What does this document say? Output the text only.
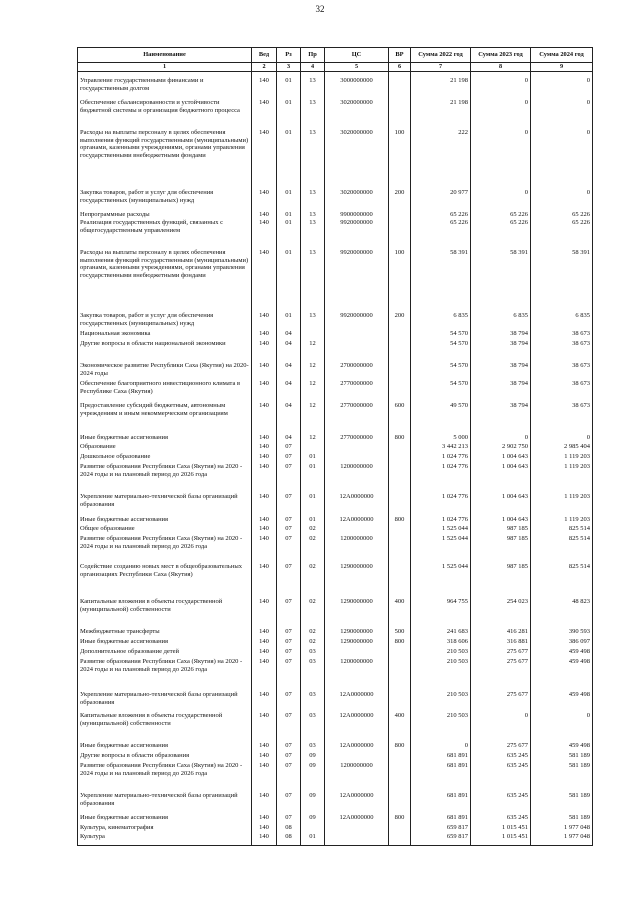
32
Наименование	Вед	Рз	Пр	ЦС	ВР	Сумма 2022 год	Сумма 2023 год	Сумма 2024 год
1	2	3	4	5	6	7	8	9
Управление государственными финансами и государственным долгом	140	01	13	3000000000		21 198	0	0
Обеспечение сбалансированности и устойчивости бюджетной системы и организация бюджетного процесса	140	01	13	3020000000		21 198	0	0
Расходы на выплаты персоналу в целях обеспечения выполнения функций государственными (муниципальными) органами, казенными учреждениями, органами управления государственными внебюджетными фондами	140	01	13	3020000000	100	222	0	0
Закупка товаров, работ и услуг для обеспечения государственных (муниципальных) нужд	140	01	13	3020000000	200	20 977	0	0
Непрограммные расходы	140	01	13	9900000000		65 226	65 226	65 226
Реализация государственных функций, связанных с общегосударственным управлением	140	01	13	9920000000		65 226	65 226	65 226
Расходы на выплаты персоналу в целях обеспечения выполнения функций государственными (муниципальными) органами, казенными учреждениями, органами управления государственными внебюджетными фондами	140	01	13	9920000000	100	58 391	58 391	58 391
Закупка товаров, работ и услуг для обеспечения государственных (муниципальных) нужд	140	01	13	9920000000	200	6 835	6 835	6 835
Национальная экономика	140	04				54 570	38 794	38 673
Другие вопросы в области национальной экономики	140	04	12			54 570	38 794	38 673
Экономическое развитие Республики Саха (Якутия) на 2020-2024 годы	140	04	12	2700000000		54 570	38 794	38 673
Обеспечение благоприятного инвестиционного климата в Республике Саха (Якутия)	140	04	12	2770000000		54 570	38 794	38 673
Предоставление субсидий бюджетным, автономным учреждениям и иным некоммерческим организациям	140	04	12	2770000000	600	49 570	38 794	38 673
Иные бюджетные ассигнования	140	04	12	2770000000	800	5 000	0	0
Образование	140	07				3 442 213	2 902 750	2 985 404
Дошкольное образование	140	07	01			1 024 776	1 004 643	1 119 203
Развитие образования Республики Саха (Якутия) на 2020 - 2024 годы и на плановый период до 2026 года	140	07	01	1200000000		1 024 776	1 004 643	1 119 203
Укрепление материально-технической базы организаций образования	140	07	01	12А0000000		1 024 776	1 004 643	1 119 203
Иные бюджетные ассигнования	140	07	01	12А0000000	800	1 024 776	1 004 643	1 119 203
Общее образование	140	07	02			1 525 044	987 185	825 514
Развитие образования Республики Саха (Якутия) на 2020 - 2024 годы и на плановый период до 2026 года	140	07	02	1200000000		1 525 044	987 185	825 514
Содействие созданию новых мест в общеобразовательных организациях Республики Саха (Якутия)	140	07	02	1290000000		1 525 044	987 185	825 514
Капитальные вложения в объекты государственной (муниципальной) собственности	140	07	02	1290000000	400	964 755	254 023	48 823
Межбюджетные трансферты	140	07	02	1290000000	500	241 683	416 281	390 593
Иные бюджетные ассигнования	140	07	02	1290000000	800	318 606	316 881	386 097
Дополнительное образование детей	140	07	03			210 503	275 677	459 498
Развитие образования Республики Саха (Якутия) на 2020 - 2024 годы и на плановый период до 2026 года	140	07	03	1200000000		210 503	275 677	459 498
Укрепление материально-технической базы организаций образования	140	07	03	12А0000000		210 503	275 677	459 498
Капитальные вложения в объекты государственной (муниципальной) собственности	140	07	03	12А0000000	400	210 503	0	0
Иные бюджетные ассигнования	140	07	03	12А0000000	800	0	275 677	459 498
Другие вопросы в области образования	140	07	09			681 891	635 245	581 189
Развитие образования Республики Саха (Якутия) на 2020 - 2024 годы и на плановый период до 2026 года	140	07	09	1200000000		681 891	635 245	581 189
Укрепление материально-технической базы организаций образования	140	07	09	12А0000000		681 891	635 245	581 189
Иные бюджетные ассигнования	140	07	09	12А0000000	800	681 891	635 245	581 189
Культура, кинематография	140	08				659 817	1 015 451	1 977 048
Культура	140	08	01			659 817	1 015 451	1 977 048
